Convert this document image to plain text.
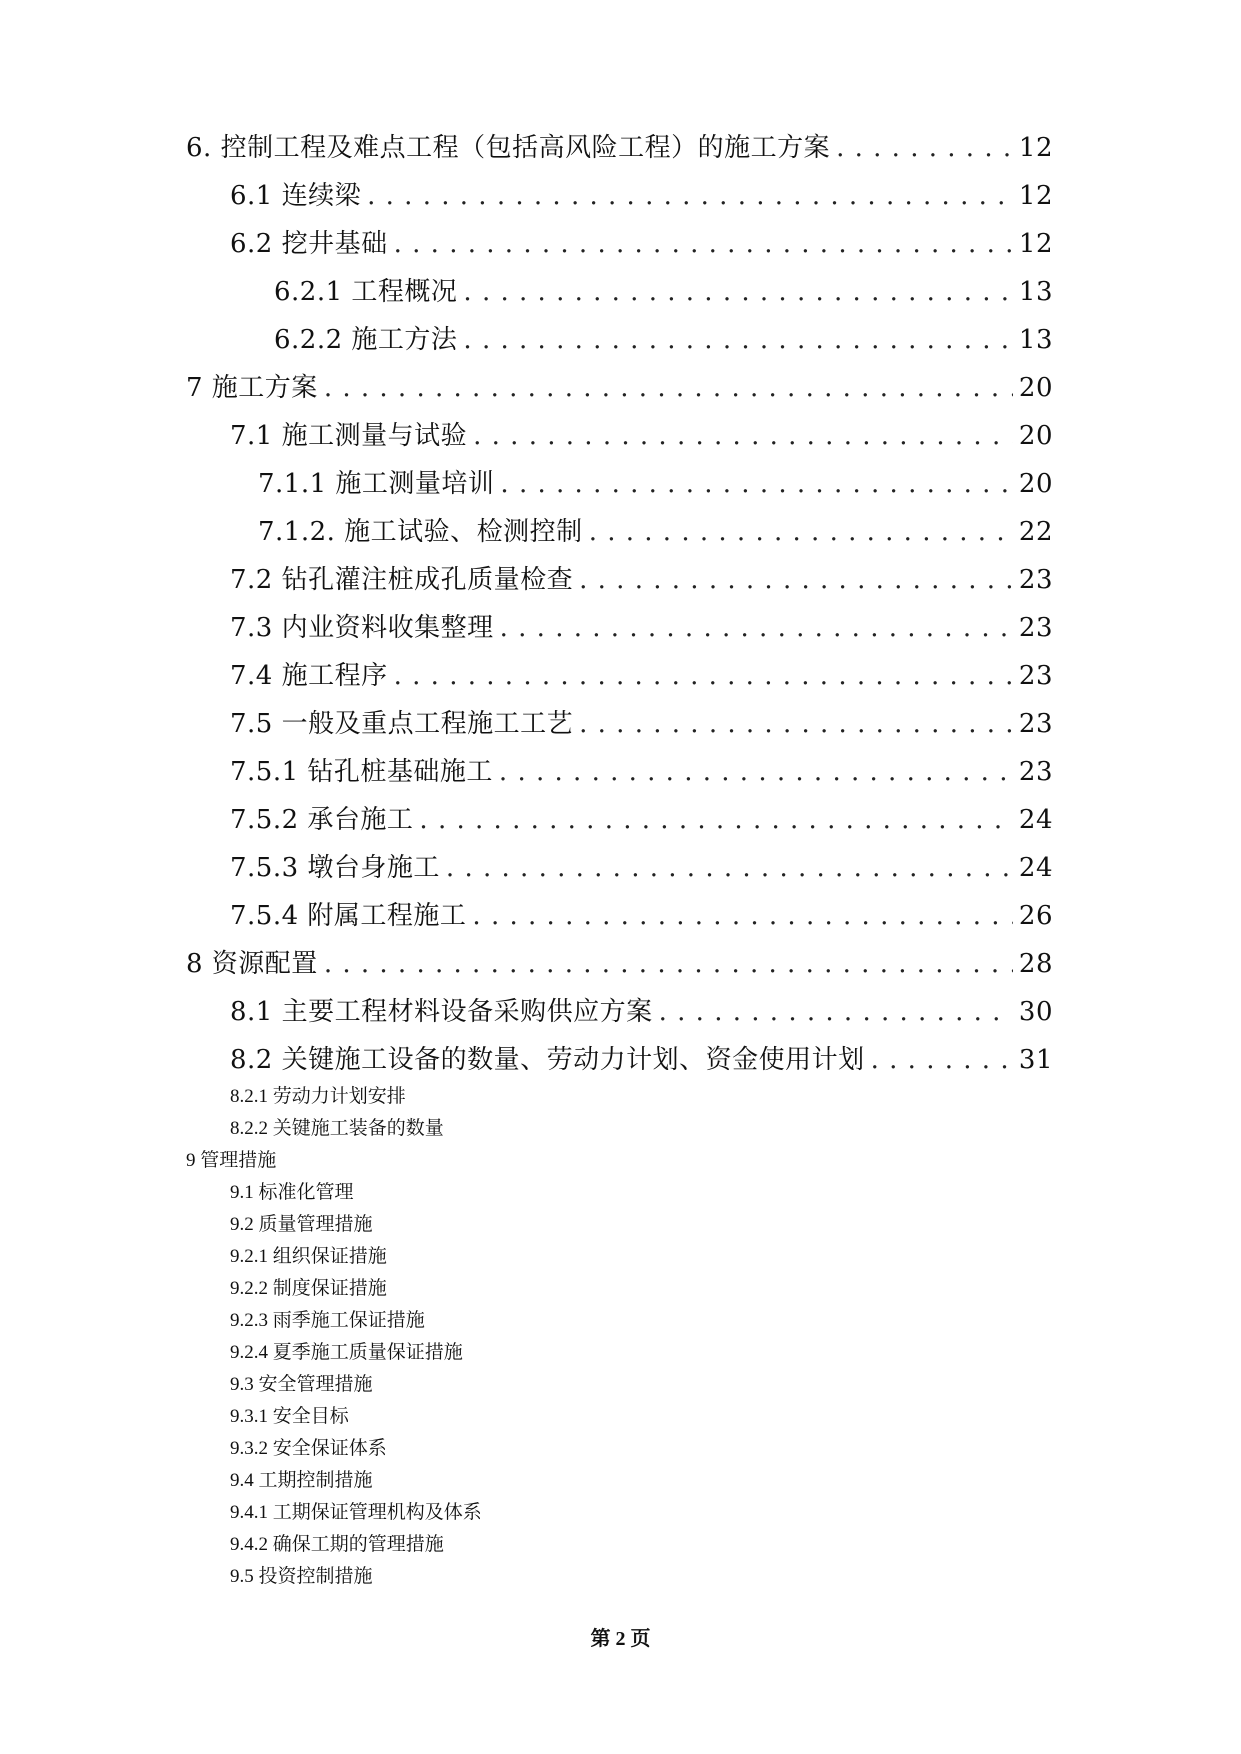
6. 控制工程及难点工程（包括高风险工程）的施工方案 . . .	12
6.1 连续梁 . . .	12
6.2 挖井基础 . . .	12
6.2.1 工程概况 . . .	13
6.2.2 施工方法 . . .	13
7 施工方案 . . .	20
7.1 施工测量与试验 . . .	20
7.1.1 施工测量培训 . . .	20
7.1.2. 施工试验、检测控制 . . .	22
7.2 钻孔灌注桩成孔质量检查 . . .	23
7.3 内业资料收集整理 . . .	23
7.4 施工程序 . . .	23
7.5 一般及重点工程施工工艺 . . .	23
7.5.1 钻孔桩基础施工 . . .	23
7.5.2 承台施工 . . .	24
7.5.3 墩台身施工 . . .	24
7.5.4 附属工程施工 . . .	26
8 资源配置 . . .	28
8.1 主要工程材料设备采购供应方案 . . .	30
8.2 关键施工设备的数量、劳动力计划、资金使用计划 . . .	31
8.2.1 劳动力计划安排
8.2.2 关键施工装备的数量
9 管理措施
9.1 标准化管理
9.2 质量管理措施
9.2.1 组织保证措施
9.2.2 制度保证措施
9.2.3 雨季施工保证措施
9.2.4 夏季施工质量保证措施
9.3 安全管理措施
9.3.1 安全目标
9.3.2 安全保证体系
9.4 工期控制措施
9.4.1 工期保证管理机构及体系
9.4.2 确保工期的管理措施
9.5 投资控制措施
第 2 页
